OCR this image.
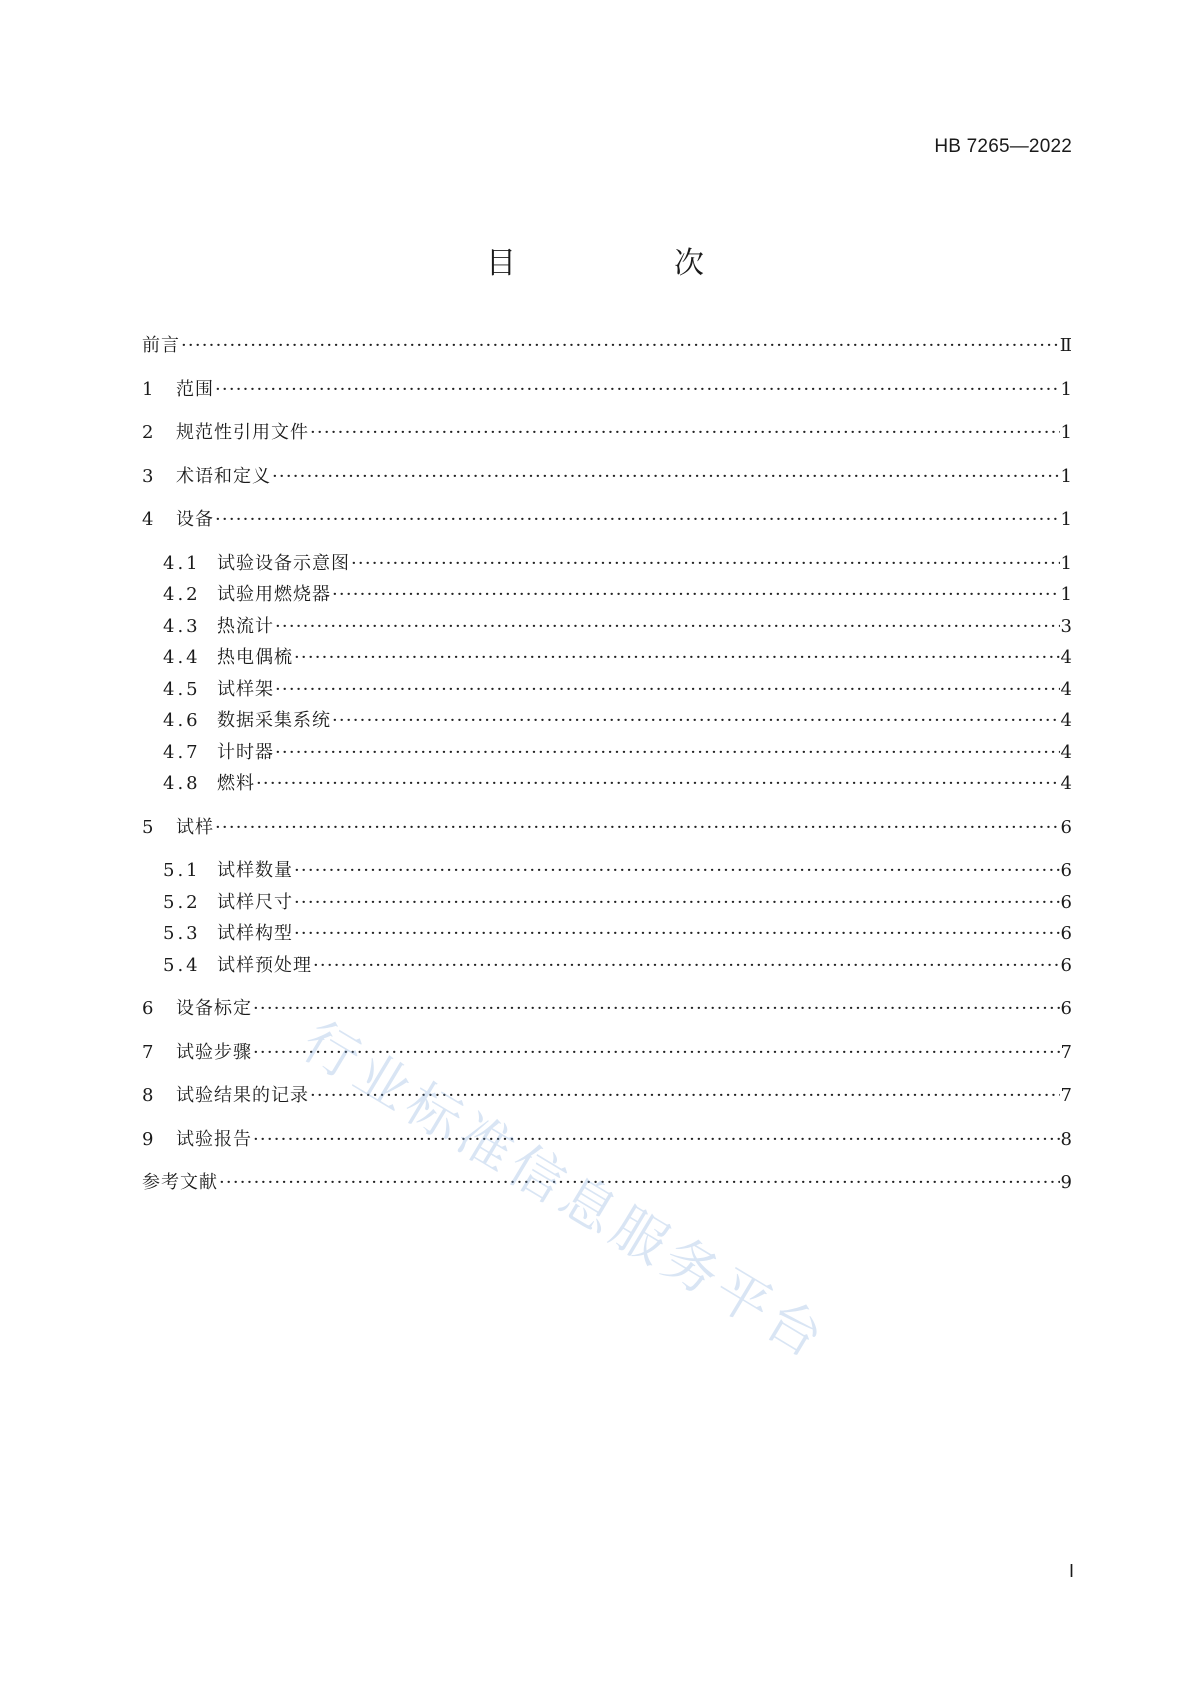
HB 7265—2022
目　次
前言 ·····	Ⅱ
1	范围 ·····	1
2	规范性引用文件 ·····	1
3	术语和定义 ·····	1
4	设备 ·····	1
4.1 试验设备示意图 ·····	1
4.2 试验用燃烧器 ·····	1
4.3 热流计 ·····	3
4.4 热电偶梳 ·····	4
4.5 试样架 ·····	4
4.6 数据采集系统 ·····	4
4.7 计时器 ·····	4
4.8 燃料 ·····	4
5	试样 ·····	6
5.1 试样数量 ·····	6
5.2 试样尺寸 ·····	6
5.3 试样构型 ·····	6
5.4 试样预处理 ·····	6
6	设备标定 ·····	6
7	试验步骤 ·····	7
8	试验结果的记录 ·····	7
9	试验报告 ·····	8
参考文献 ·····	9
行业标准信息服务平台
I
